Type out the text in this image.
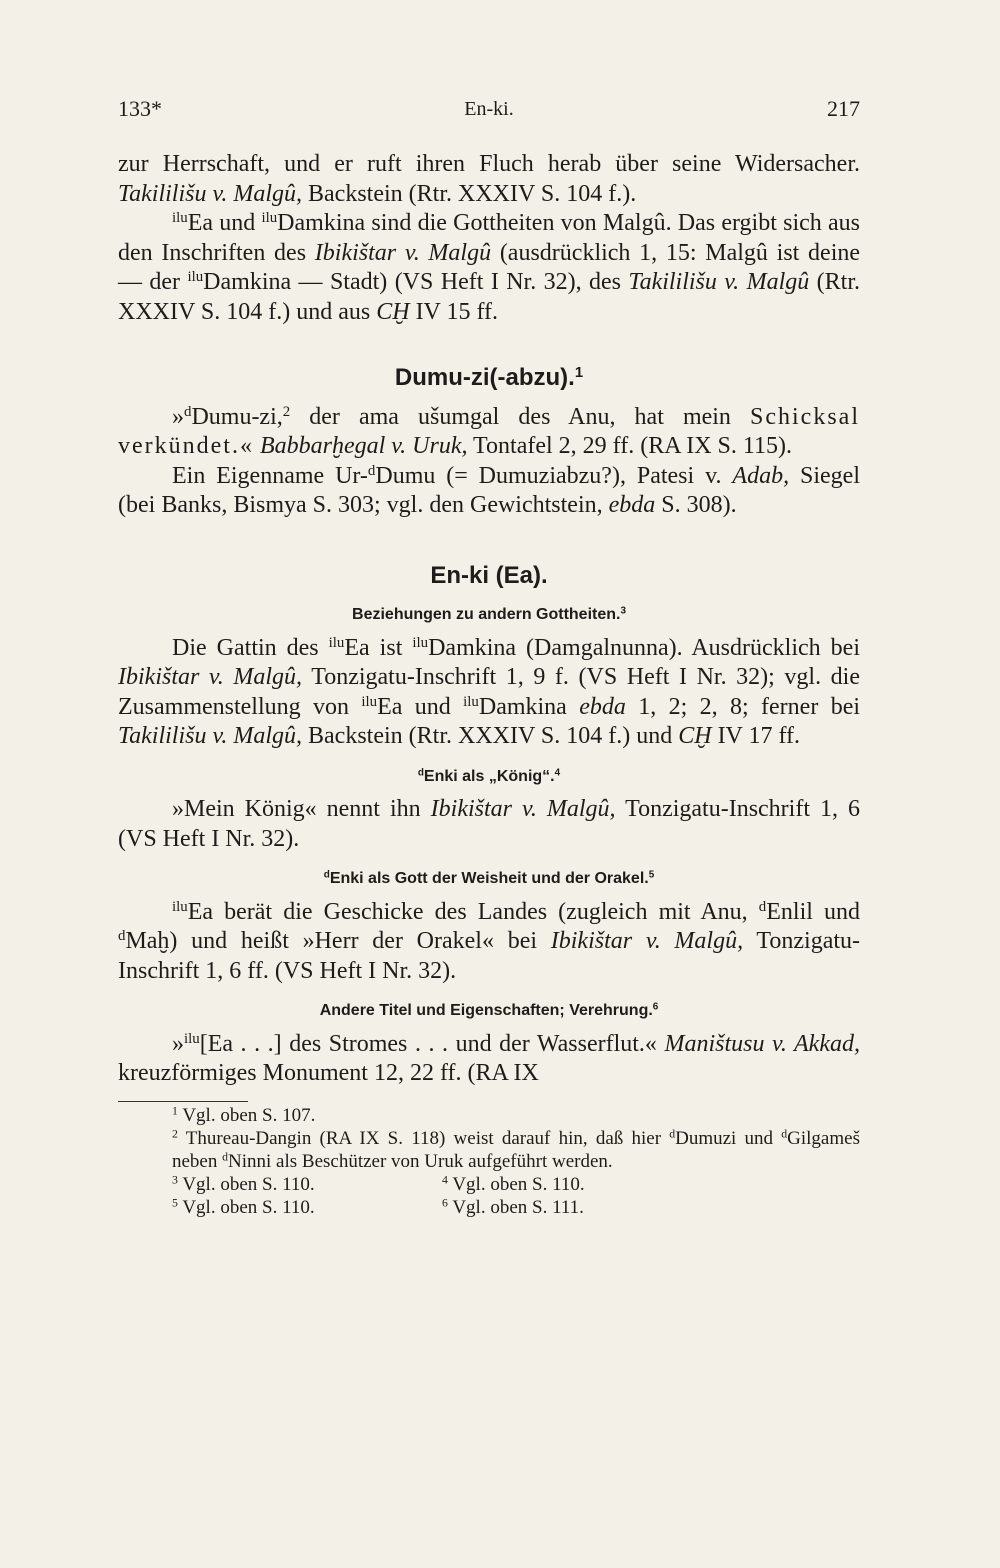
133*	En-ki.	217

zur Herrschaft, und er ruft ihren Fluch herab über seine Widersacher. Takililišu v. Malgû, Backstein (Rtr. XXXIV S. 104 f.).

$^{ilu}$Ea und $^{ilu}$Damkina sind die Gottheiten von Malgû. Das ergibt sich aus den Inschriften des Ibikištar v. Malgû (ausdrücklich 1, 15: Malgû ist deine — der $^{ilu}$Damkina — Stadt) (VS Heft I Nr. 32), des Takililišu v. Malgû (Rtr. XXXIV S. 104 f.) und aus CḪ IV 15 ff.

Dumu-zi(-abzu).$^1$

»$^d$Dumu-zi,$^2$ der ama ušumgal des Anu, hat mein Schicksal verkündet.« Babbarḫegal v. Uruk, Tontafel 2, 29 ff. (RA IX S. 115).

Ein Eigenname Ur-$^d$Dumu (= Dumuziabzu?), Patesi v. Adab, Siegel (bei Banks, Bismya S. 303; vgl. den Gewichtstein, ebda S. 308).

En-ki (Ea).
Beziehungen zu andern Gottheiten.$^3$

Die Gattin des $^{ilu}$Ea ist $^{ilu}$Damkina (Damgalnunna). Ausdrücklich bei Ibikištar v. Malgû, Tonzigatu-Inschrift 1, 9 f. (VS Heft I Nr. 32); vgl. die Zusammenstellung von $^{ilu}$Ea und $^{ilu}$Damkina ebda 1, 2; 2, 8; ferner bei Takililišu v. Malgû, Backstein (Rtr. XXXIV S. 104 f.) und CḪ IV 17 ff.

$^d$Enki als „König“.$^4$

»Mein König« nennt ihn Ibikištar v. Malgû, Tonzigatu-Inschrift 1, 6 (VS Heft I Nr. 32).

$^d$Enki als Gott der Weisheit und der Orakel.$^5$

$^{ilu}$Ea berät die Geschicke des Landes (zugleich mit Anu, $^d$Enlil und $^d$Maḫ) und heißt »Herr der Orakel« bei Ibikištar v. Malgû, Tonzigatu-Inschrift 1, 6 ff. (VS Heft I Nr. 32).

Andere Titel und Eigenschaften; Verehrung.$^6$

»$^{ilu}$[Ea . . .] des Stromes . . . und der Wasserflut.« Maništusu v. Akkad, kreuzförmiges Monument 12, 22 ff. (RA IX

$^1$ Vgl. oben S. 107.
$^2$ Thureau-Dangin (RA IX S. 118) weist darauf hin, daß hier $^d$Dumuzi und $^d$Gilgameš neben $^d$Ninni als Beschützer von Uruk aufgeführt werden.
$^3$ Vgl. oben S. 110.	$^4$ Vgl. oben S. 110.
$^5$ Vgl. oben S. 110.	$^6$ Vgl. oben S. 111.
